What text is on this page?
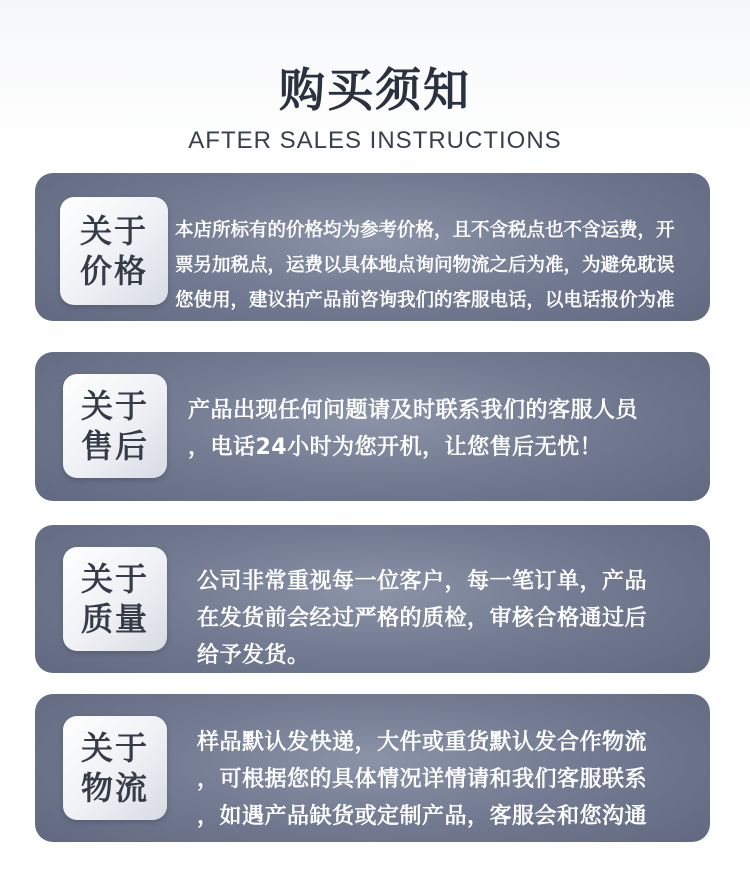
购买须知
AFTER SALES INSTRUCTIONS
关于
价格
本店所标有的价格均为参考价格，且不含税点也不含运费，开
票另加税点，运费以具体地点询问物流之后为准，为避免耽误
您使用，建议拍产品前咨询我们的客服电话，以电话报价为准
关于
售后
产品出现任何问题请及时联系我们的客服人员
，电话24小时为您开机，让您售后无忧！
关于
质量
公司非常重视每一位客户，每一笔订单，产品
在发货前会经过严格的质检，审核合格通过后
给予发货。
关于
物流
样品默认发快递，大件或重货默认发合作物流
，可根据您的具体情况详情请和我们客服联系
，如遇产品缺货或定制产品，客服会和您沟通
！
